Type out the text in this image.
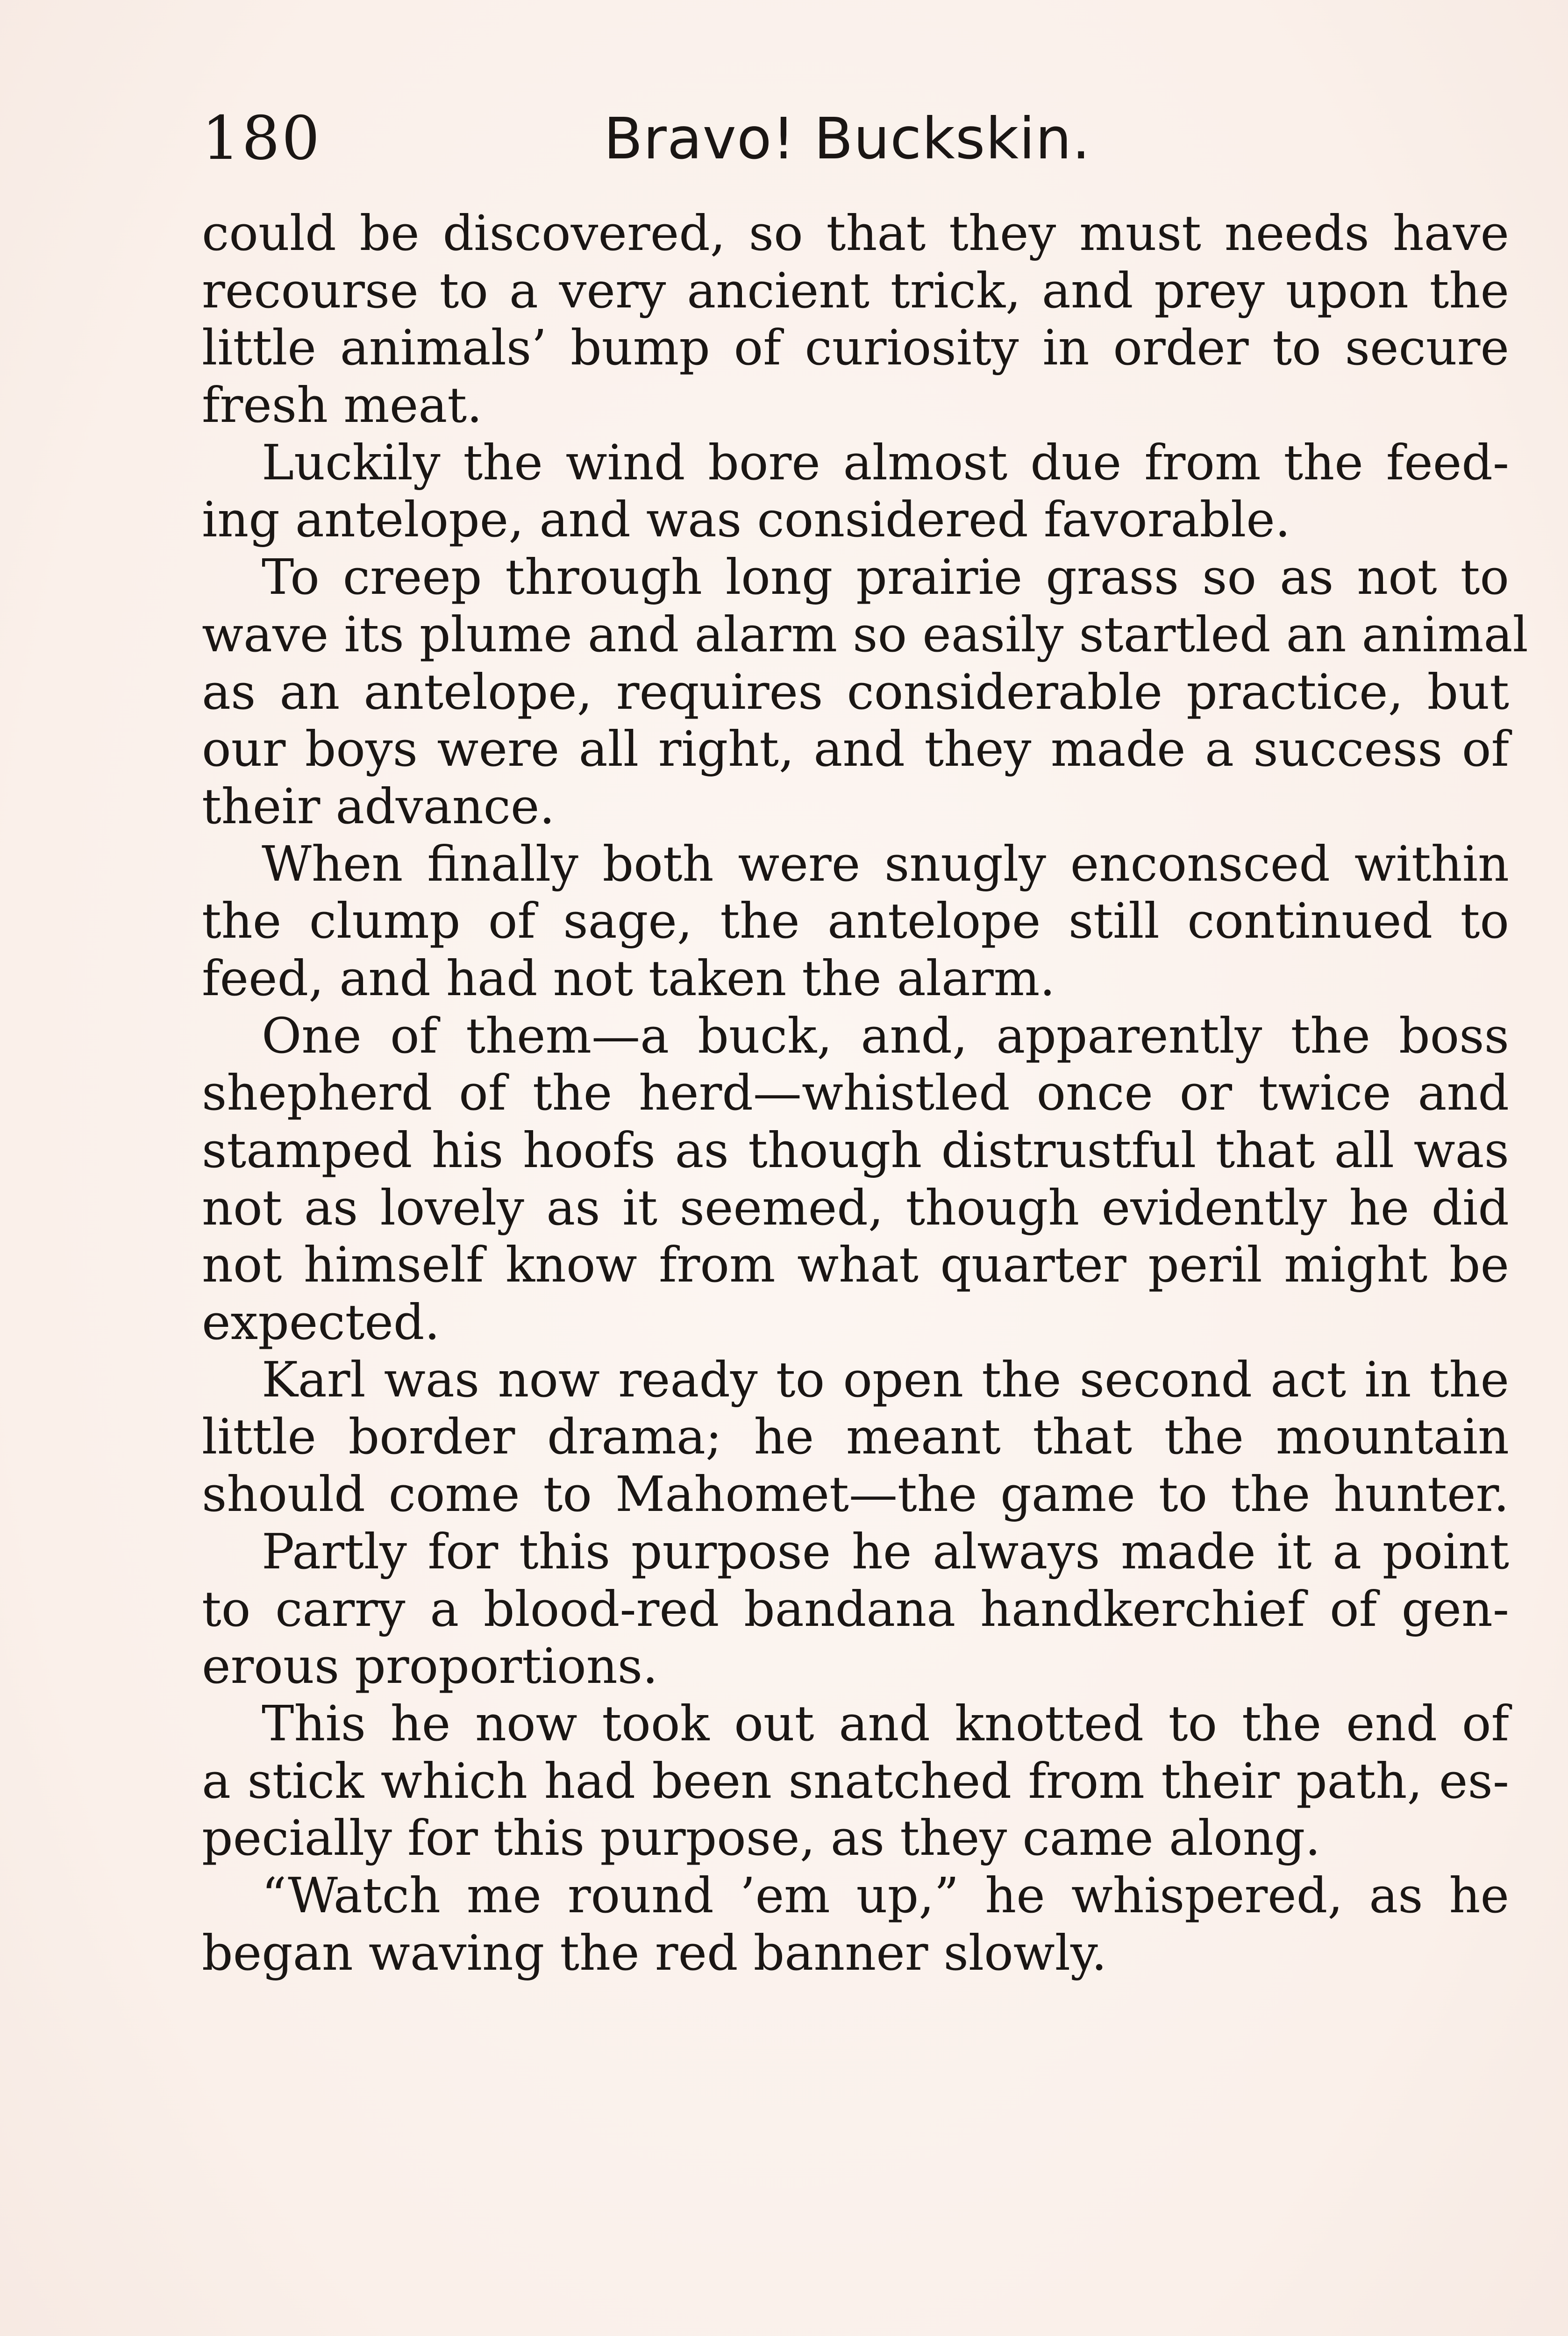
180	Bravo! Buckskin.
could be discovered, so that they must needs have
recourse to a very ancient trick, and prey upon the
little animals’ bump of curiosity in order to secure
fresh meat.
Luckily the wind bore almost due from the feed-
ing antelope, and was considered favorable.
To creep through long prairie grass so as not to
wave its plume and alarm so easily startled an animal
as an antelope, requires considerable practice, but
our boys were all right, and they made a success of
their advance.
When finally both were snugly enconsced within
the clump of sage, the antelope still continued to
feed, and had not taken the alarm.
One of them—a buck, and, apparently the boss
shepherd of the herd—whistled once or twice and
stamped his hoofs as though distrustful that all was
not as lovely as it seemed, though evidently he did
not himself know from what quarter peril might be
expected.
Karl was now ready to open the second act in the
little border drama; he meant that the mountain
should come to Mahomet—the game to the hunter.
Partly for this purpose he always made it a point
to carry a blood-red bandana handkerchief of gen-
erous proportions.
This he now took out and knotted to the end of
a stick which had been snatched from their path, es-
pecially for this purpose, as they came along.
“Watch me round ’em up,” he whispered, as he
began waving the red banner slowly.
